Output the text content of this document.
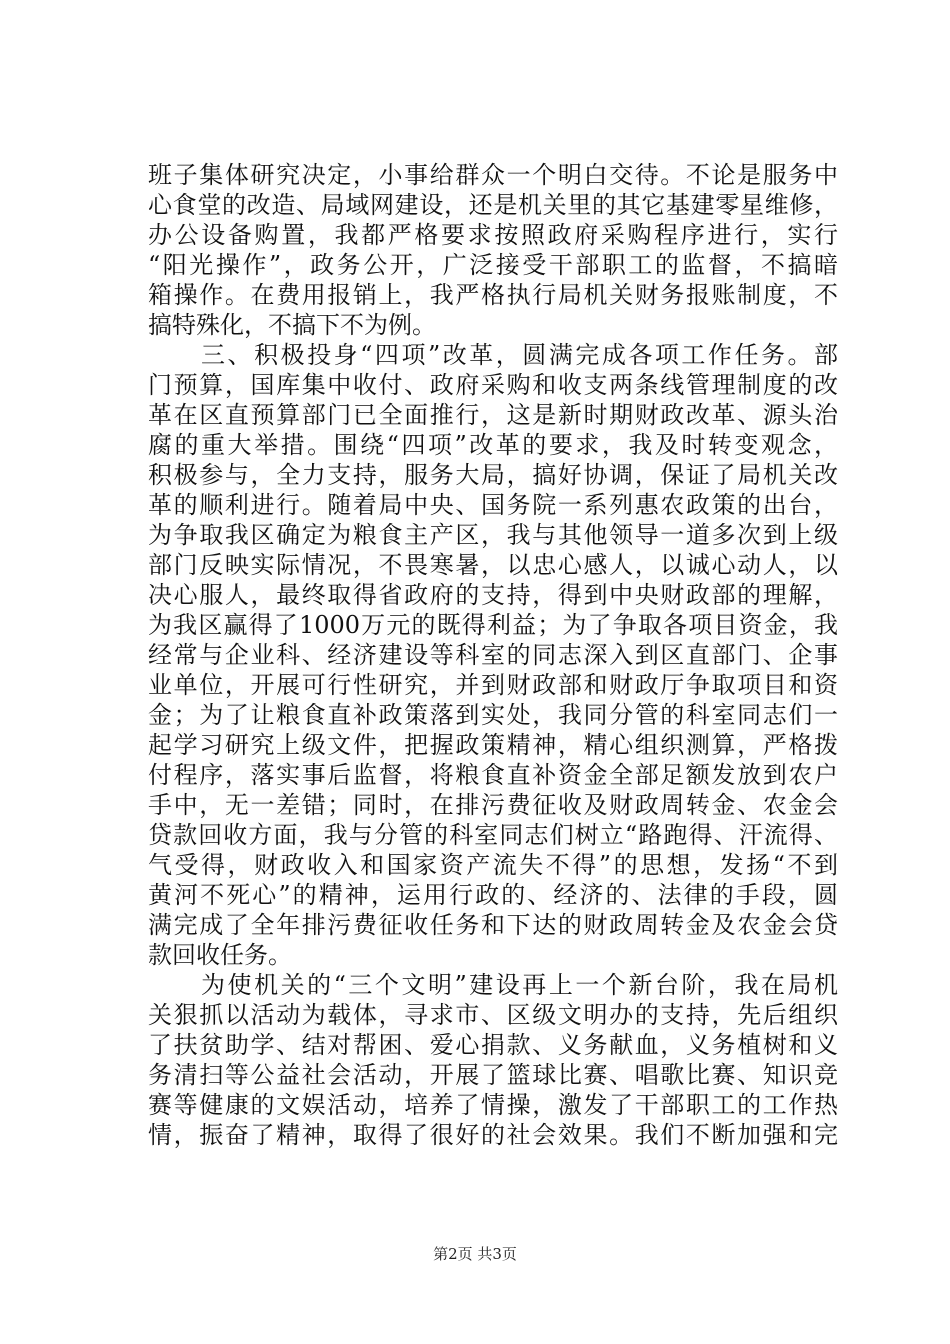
班子集体研究决定，小事给群众一个明白交待。不论是服务中
心食堂的改造、局域网建设，还是机关里的其它基建零星维修，
办公设备购置，我都严格要求按照政府采购程序进行，实行
“阳光操作”，政务公开，广泛接受干部职工的监督，不搞暗
箱操作。在费用报销上，我严格执行局机关财务报账制度，不
搞特殊化，不搞下不为例。
　　三、积极投身“四项”改革，圆满完成各项工作任务。部
门预算，国库集中收付、政府采购和收支两条线管理制度的改
革在区直预算部门已全面推行，这是新时期财政改革、源头治
腐的重大举措。围绕“四项”改革的要求，我及时转变观念，
积极参与，全力支持，服务大局，搞好协调，保证了局机关改
革的顺利进行。随着局中央、国务院一系列惠农政策的出台，
为争取我区确定为粮食主产区，我与其他领导一道多次到上级
部门反映实际情况，不畏寒暑，以忠心感人，以诚心动人，以
决心服人，最终取得省政府的支持，得到中央财政部的理解，
为我区赢得了1000万元的既得利益；为了争取各项目资金，我
经常与企业科、经济建设等科室的同志深入到区直部门、企事
业单位，开展可行性研究，并到财政部和财政厅争取项目和资
金；为了让粮食直补政策落到实处，我同分管的科室同志们一
起学习研究上级文件，把握政策精神，精心组织测算，严格拨
付程序，落实事后监督，将粮食直补资金全部足额发放到农户
手中，无一差错；同时，在排污费征收及财政周转金、农金会
贷款回收方面，我与分管的科室同志们树立“路跑得、汗流得、
气受得，财政收入和国家资产流失不得”的思想，发扬“不到
黄河不死心”的精神，运用行政的、经济的、法律的手段，圆
满完成了全年排污费征收任务和下达的财政周转金及农金会贷
款回收任务。
　　为使机关的“三个文明”建设再上一个新台阶，我在局机
关狠抓以活动为载体，寻求市、区级文明办的支持，先后组织
了扶贫助学、结对帮困、爱心捐款、义务献血，义务植树和义
务清扫等公益社会活动，开展了篮球比赛、唱歌比赛、知识竞
赛等健康的文娱活动，培养了情操，激发了干部职工的工作热
情，振奋了精神，取得了很好的社会效果。我们不断加强和完
第2页 共3页
